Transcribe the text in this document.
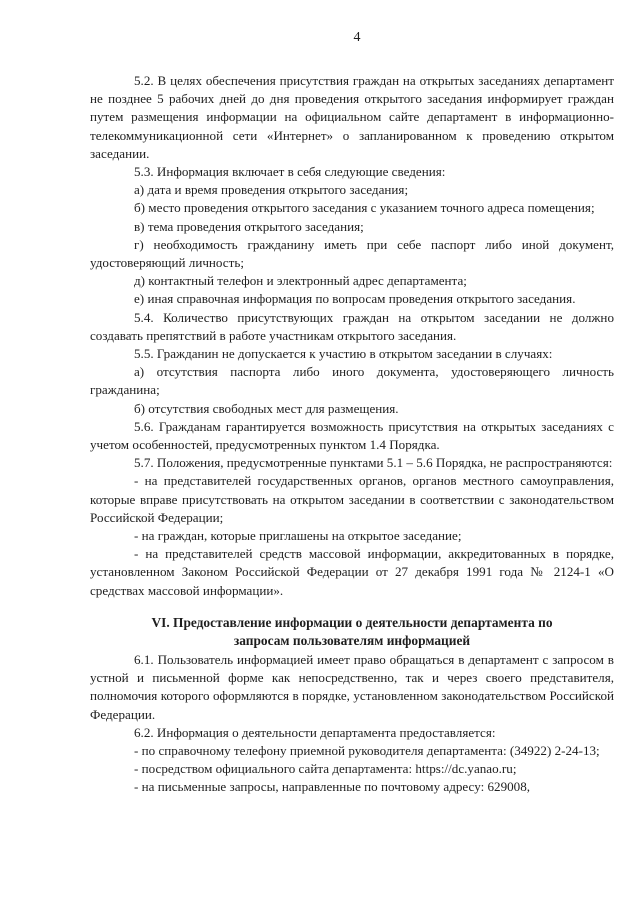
4

5.2. В целях обеспечения присутствия граждан на открытых заседаниях департамент не позднее 5 рабочих дней до дня проведения открытого заседания информирует граждан путем размещения информации на официальном сайте департамент в информационно-телекоммуникационной сети «Интернет» о запланированном к проведению открытом заседании.

5.3. Информация включает в себя следующие сведения:

а) дата и время проведения открытого заседания;

б) место проведения открытого заседания с указанием точного адреса помещения;

в) тема проведения открытого заседания;

г) необходимость гражданину иметь при себе паспорт либо иной документ, удостоверяющий личность;

д) контактный телефон и электронный адрес департамента;

е) иная справочная информация по вопросам проведения открытого заседания.

5.4. Количество присутствующих граждан на открытом заседании не должно создавать препятствий в работе участникам открытого заседания.

5.5. Гражданин не допускается к участию в открытом заседании в случаях:

а) отсутствия паспорта либо иного документа, удостоверяющего личность гражданина;

б) отсутствия свободных мест для размещения.

5.6. Гражданам гарантируется возможность присутствия на открытых заседаниях с учетом особенностей, предусмотренных пунктом 1.4 Порядка.

5.7. Положения, предусмотренные пунктами 5.1 – 5.6 Порядка, не распространяются:

- на представителей государственных органов, органов местного самоуправления, которые вправе присутствовать на открытом заседании в соответствии с законодательством Российской Федерации;

- на граждан, которые приглашены на открытое заседание;

- на представителей средств массовой информации, аккредитованных в порядке, установленном Законом Российской Федерации от 27 декабря 1991 года № 2124-1 «О средствах массовой информации».

VI. Предоставление информации о деятельности департамента по
запросам пользователям информацией

6.1. Пользователь информацией имеет право обращаться в департамент с запросом в устной и письменной форме как непосредственно, так и через своего представителя, полномочия которого оформляются в порядке, установленном законодательством Российской Федерации.

6.2. Информация о деятельности департамента предоставляется:

- по справочному телефону приемной руководителя департамента: (34922) 2-24-13;

- посредством официального сайта департамента: https://dc.yanao.ru;

- на письменные запросы, направленные по почтовому адресу: 629008,
